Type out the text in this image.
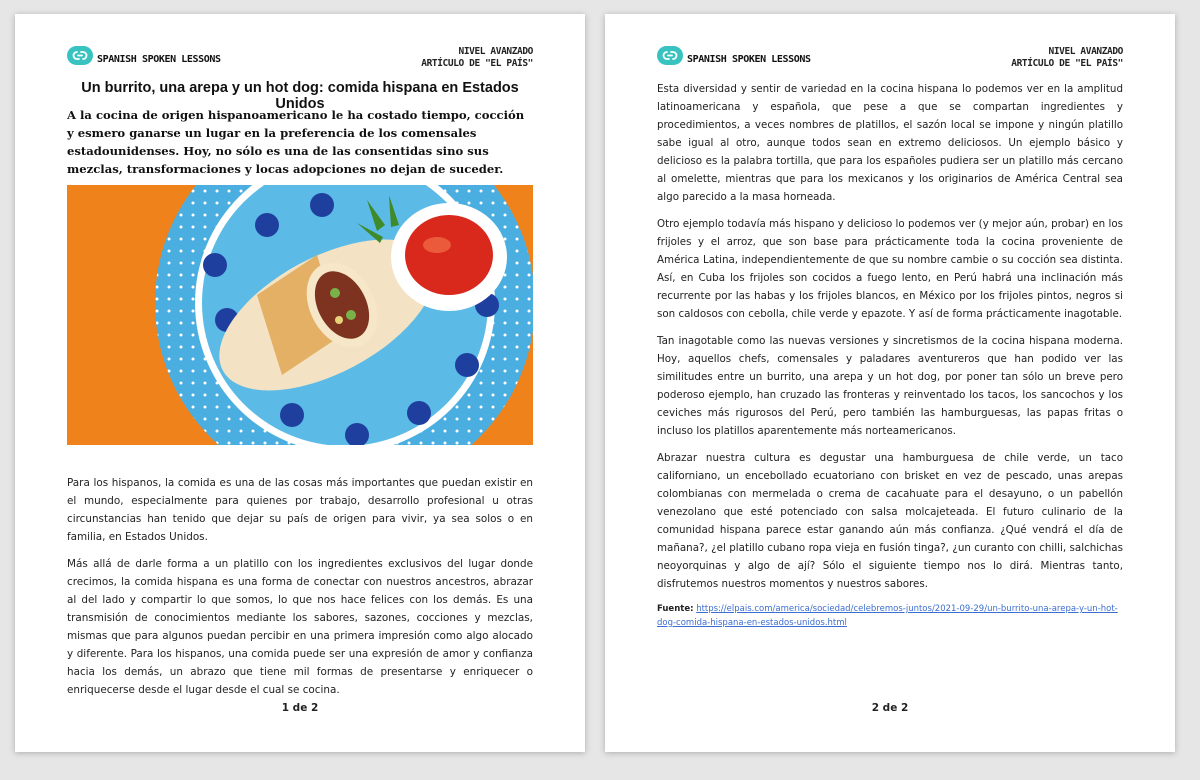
SPANISH SPOKEN LESSONS
NIVEL AVANZADO
ARTÍCULO DE "EL PAÍS"
Un burrito, una arepa y un hot dog: comida hispana en Estados Unidos
A la cocina de origen hispanoamericano le ha costado tiempo, cocción y esmero ganarse un lugar en la preferencia de los comensales estadounidenses. Hoy, no sólo es una de las consentidas sino sus mezclas, transformaciones y locas adopciones no dejan de suceder.

Para los hispanos, la comida es una de las cosas más importantes que puedan existir en el mundo, especialmente para quienes por trabajo, desarrollo profesional u otras circunstancias han tenido que dejar su país de origen para vivir, ya sea solos o en familia, en Estados Unidos.

Más allá de darle forma a un platillo con los ingredientes exclusivos del lugar donde crecimos, la comida hispana es una forma de conectar con nuestros ancestros, abrazar al del lado y compartir lo que somos, lo que nos hace felices con los demás. Es una transmisión de conocimientos mediante los sabores, sazones, cocciones y mezclas, mismas que para algunos puedan percibir en una primera impresión como algo alocado y diferente. Para los hispanos, una comida puede ser una expresión de amor y confianza hacia los demás, un abrazo que tiene mil formas de presentarse y enriquecer o enriquecerse desde el lugar desde el cual se cocina.

1 de 2
SPANISH SPOKEN LESSONS
NIVEL AVANZADO
ARTÍCULO DE "EL PAÍS"

Esta diversidad y sentir de variedad en la cocina hispana lo podemos ver en la amplitud latinoamericana y española, que pese a que se compartan ingredientes y procedimientos, a veces nombres de platillos, el sazón local se impone y ningún platillo sabe igual al otro, aunque todos sean en extremo deliciosos. Un ejemplo básico y delicioso es la palabra tortilla, que para los españoles pudiera ser un platillo más cercano al omelette, mientras que para los mexicanos y los originarios de América Central sea algo parecido a la masa horneada.

Otro ejemplo todavía más hispano y delicioso lo podemos ver (y mejor aún, probar) en los frijoles y el arroz, que son base para prácticamente toda la cocina proveniente de América Latina, independientemente de que su nombre cambie o su cocción sea distinta. Así, en Cuba los frijoles son cocidos a fuego lento, en Perú habrá una inclinación más recurrente por las habas y los frijoles blancos, en México por los frijoles pintos, negros si son caldosos con cebolla, chile verde y epazote. Y así de forma prácticamente inagotable.

Tan inagotable como las nuevas versiones y sincretismos de la cocina hispana moderna. Hoy, aquellos chefs, comensales y paladares aventureros que han podido ver las similitudes entre un burrito, una arepa y un hot dog, por poner tan sólo un breve pero poderoso ejemplo, han cruzado las fronteras y reinventado los tacos, los sancochos y los ceviches más rigurosos del Perú, pero también las hamburguesas, las papas fritas o incluso los platillos aparentemente más norteamericanos.

Abrazar nuestra cultura es degustar una hamburguesa de chile verde, un taco californiano, un encebollado ecuatoriano con brisket en vez de pescado, unas arepas colombianas con mermelada o crema de cacahuate para el desayuno, o un pabellón venezolano que esté potenciado con salsa molcajeteada. El futuro culinario de la comunidad hispana parece estar ganando aún más confianza. ¿Qué vendrá el día de mañana?, ¿el platillo cubano ropa vieja en fusión tinga?, ¿un curanto con chilli, salchichas neoyorquinas y algo de ají? Sólo el siguiente tiempo nos lo dirá. Mientras tanto, disfrutemos nuestros momentos y nuestros sabores.

Fuente: https://elpais.com/america/sociedad/celebremos-juntos/2021-09-29/un-burrito-una-arepa-y-un-hot-dog-comida-hispana-en-estados-unidos.html
2 de 2
